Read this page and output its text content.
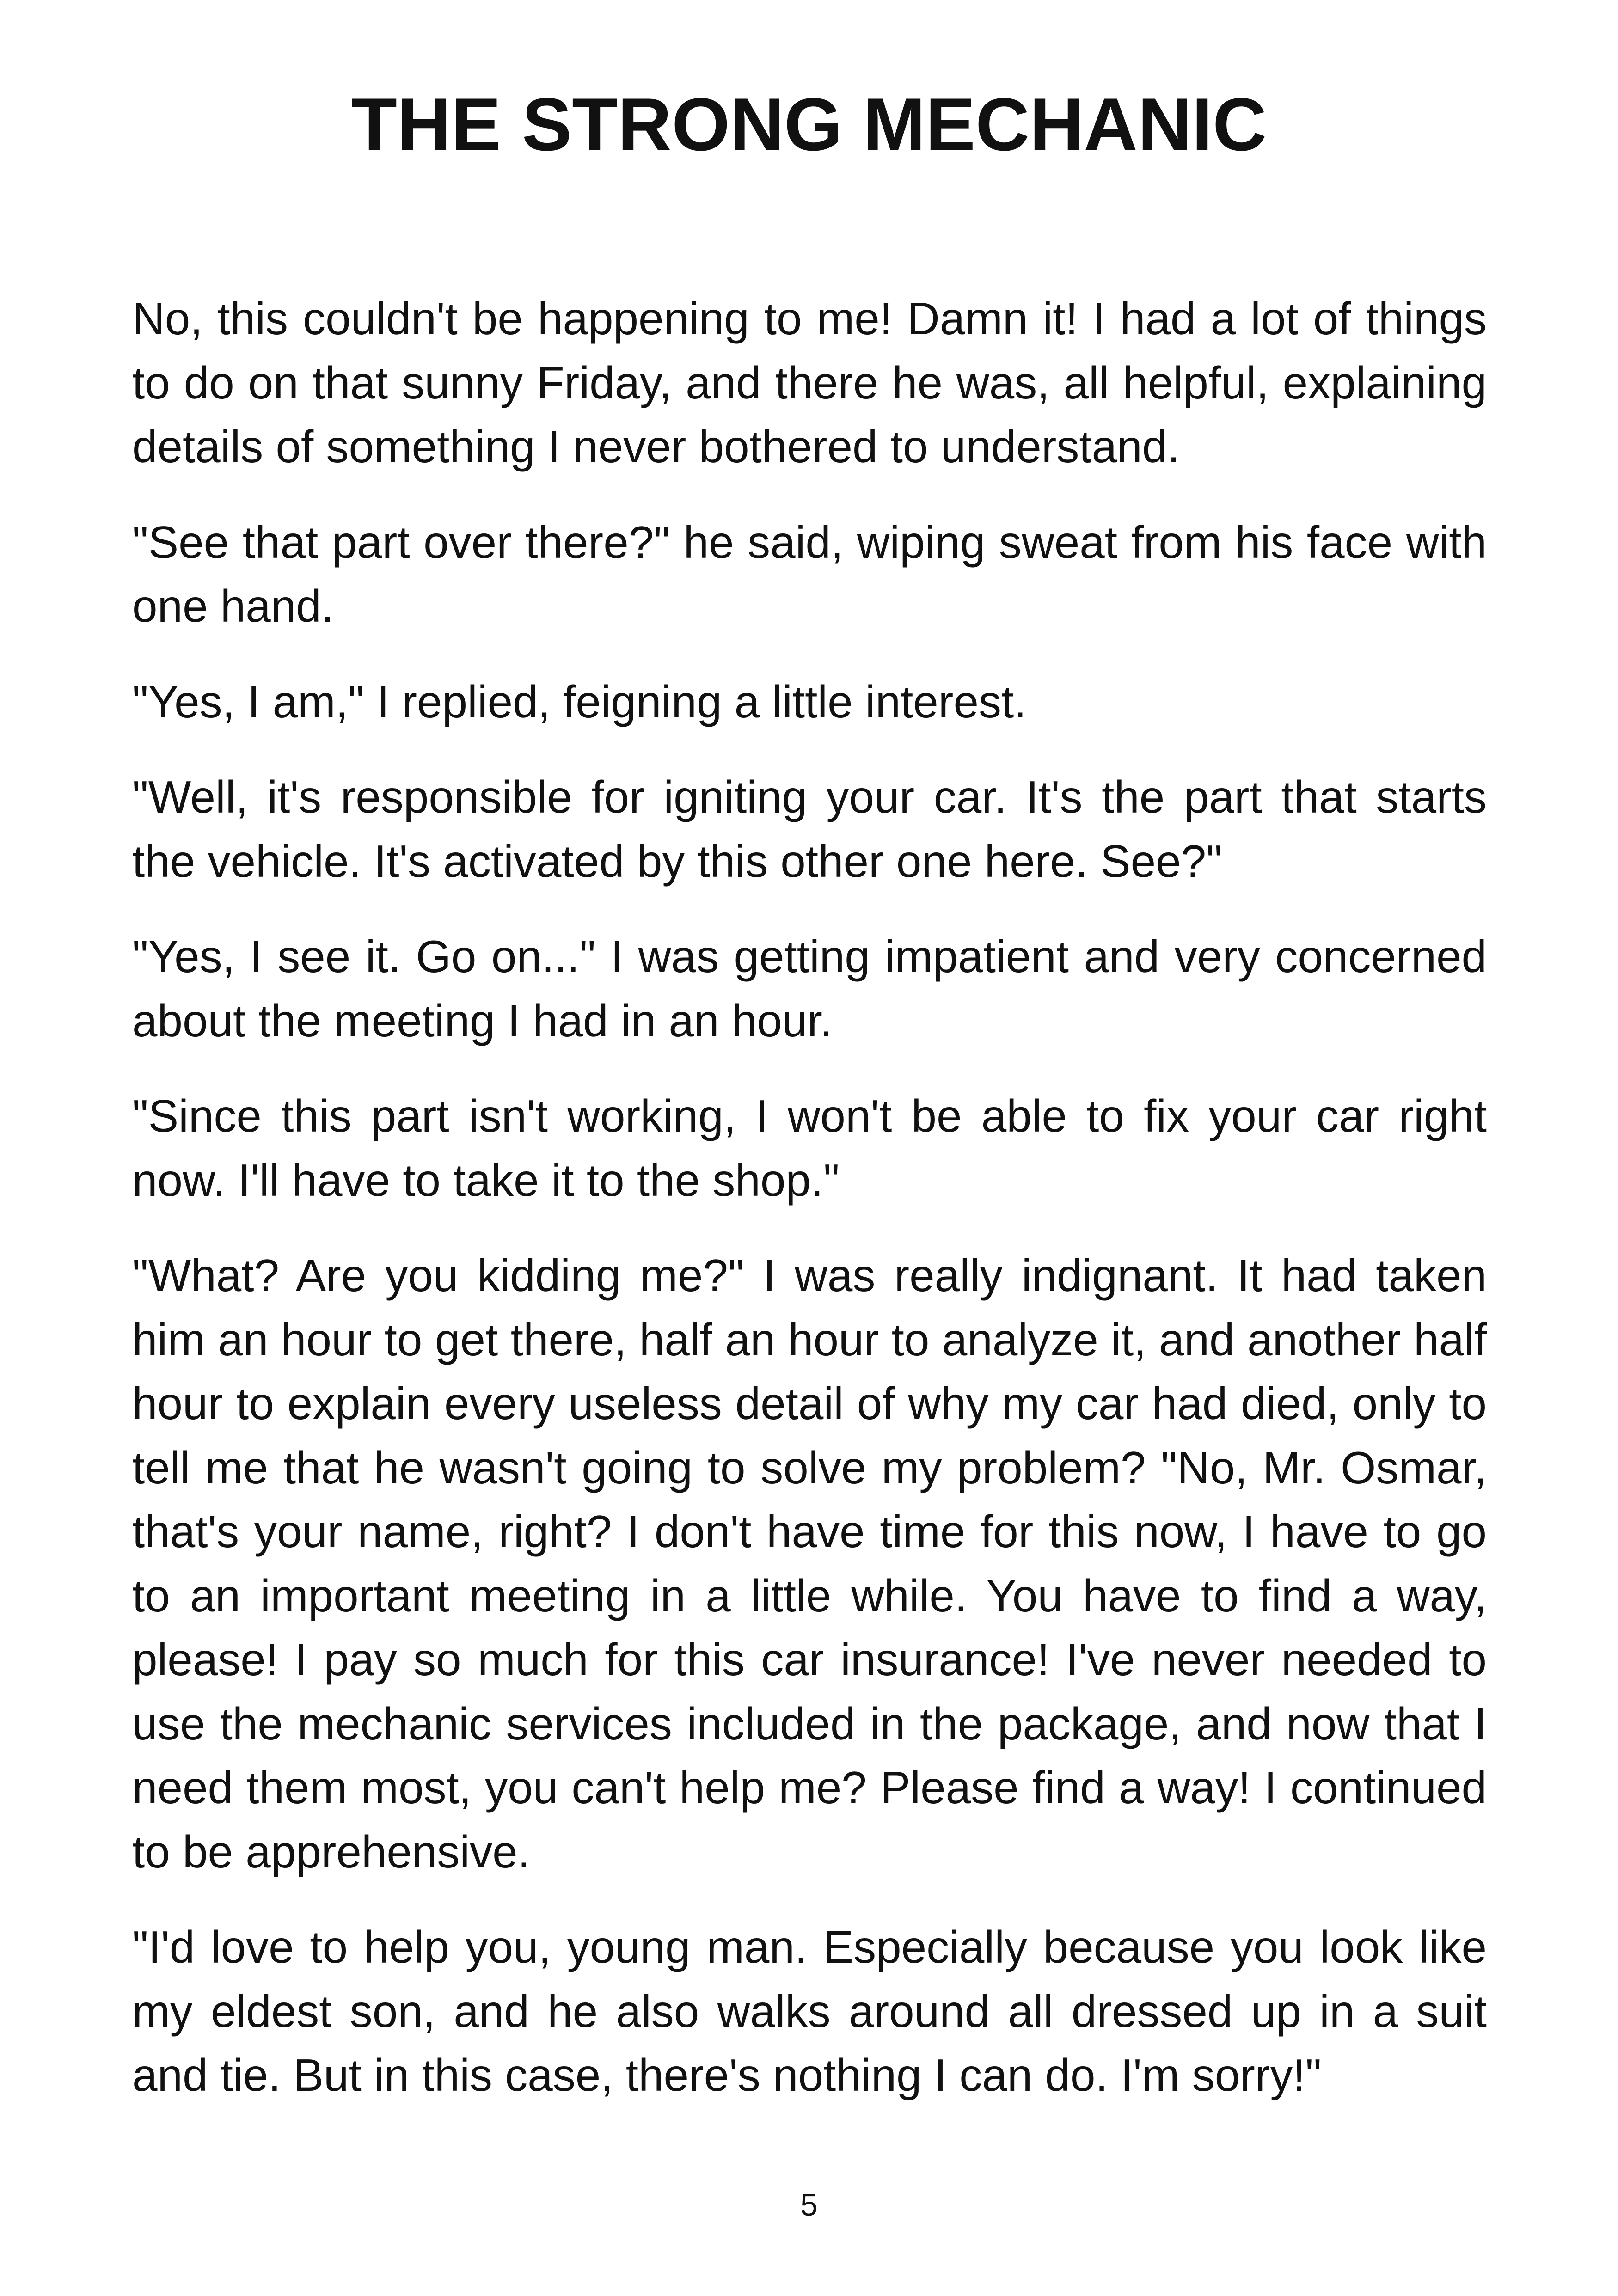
THE STRONG MECHANIC

No, this couldn't be happening to me! Damn it! I had a lot of things to do on that sunny Friday, and there he was, all helpful, explaining details of something I never bothered to understand.

"See that part over there?" he said, wiping sweat from his face with one hand.

"Yes, I am," I replied, feigning a little interest.

"Well, it's responsible for igniting your car. It's the part that starts the vehicle. It's activated by this other one here. See?"

"Yes, I see it. Go on..." I was getting impatient and very concerned about the meeting I had in an hour.

"Since this part isn't working, I won't be able to fix your car right now. I'll have to take it to the shop."

"What? Are you kidding me?" I was really indignant. It had taken him an hour to get there, half an hour to analyze it, and another half hour to explain every useless detail of why my car had died, only to tell me that he wasn't going to solve my problem? "No, Mr. Osmar, that's your name, right? I don't have time for this now, I have to go to an important meeting in a little while. You have to find a way, please! I pay so much for this car insurance! I've never needed to use the mechanic services included in the package, and now that I need them most, you can't help me? Please find a way! I continued to be apprehensive.

"I'd love to help you, young man. Especially because you look like my eldest son, and he also walks around all dressed up in a suit and tie. But in this case, there's nothing I can do. I'm sorry!"

5
